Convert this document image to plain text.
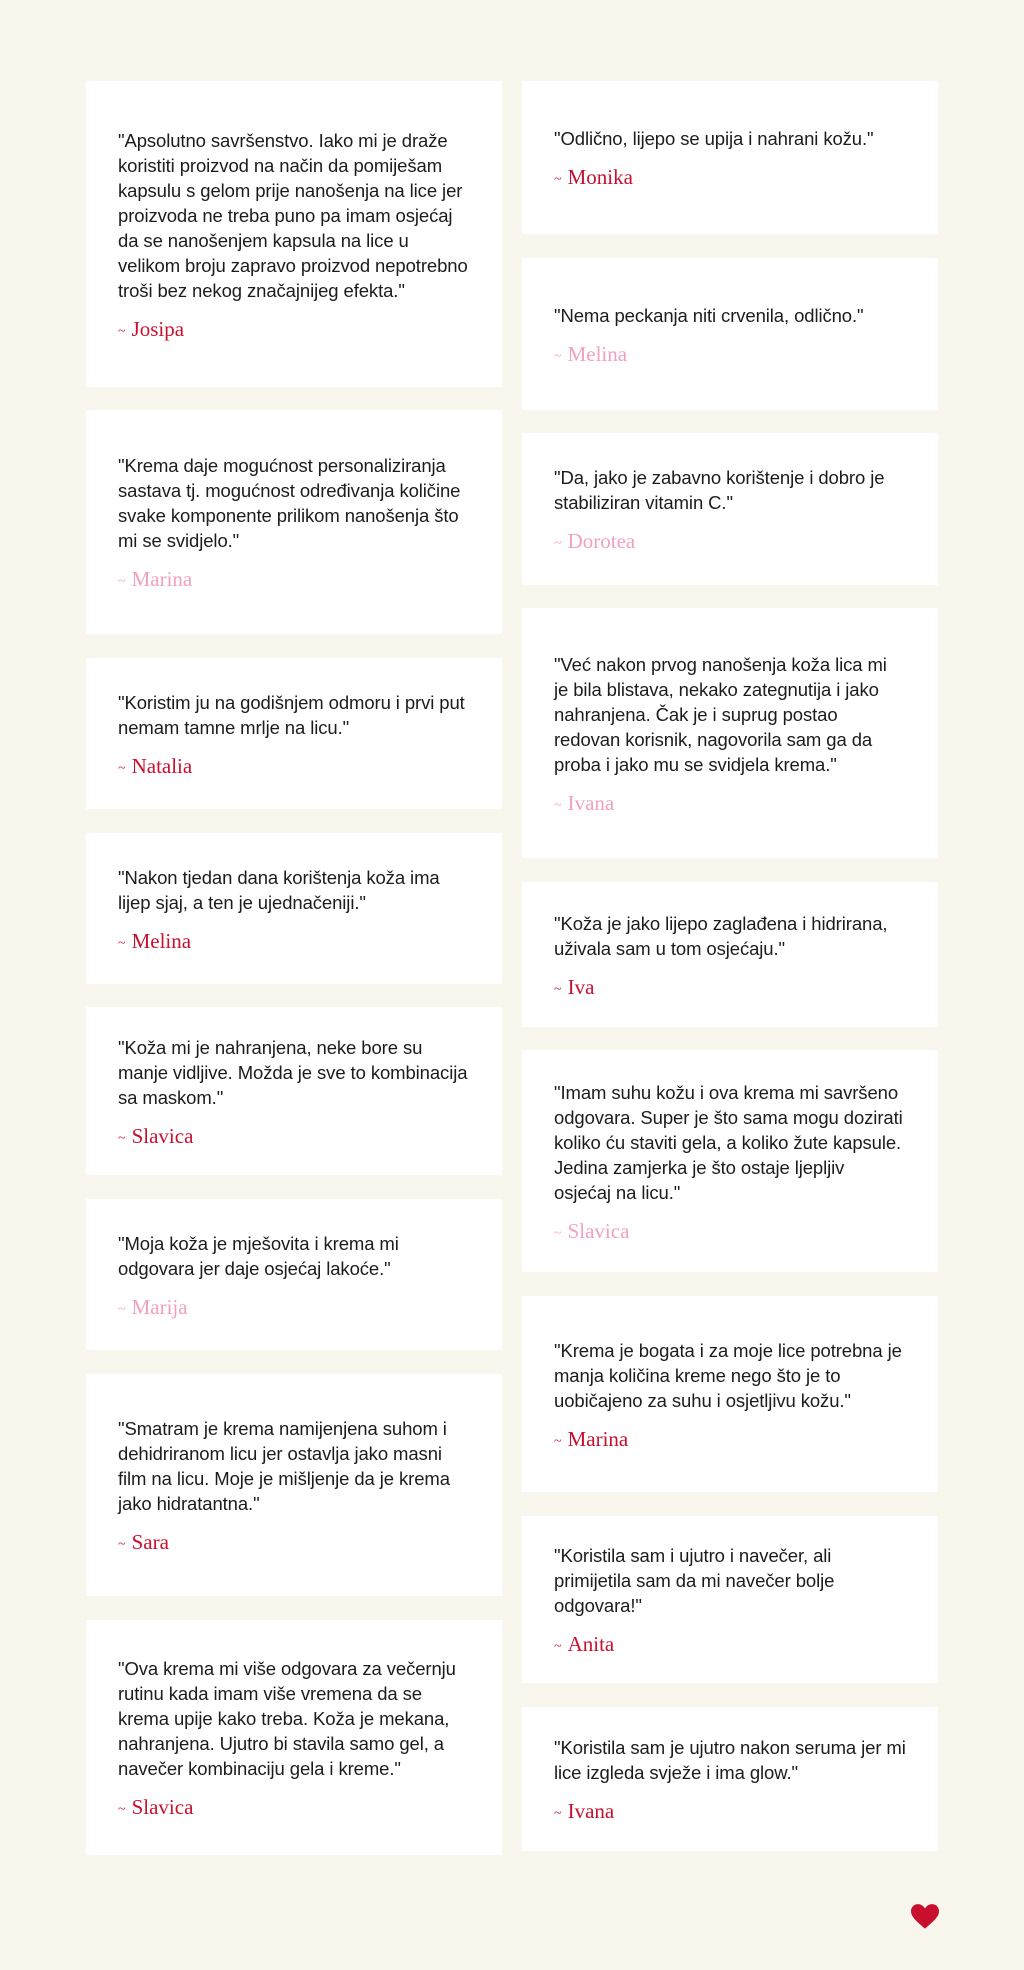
"Apsolutno savršenstvo. Iako mi je draže koristiti proizvod na način da pomiješam kapsulu s gelom prije nanošenja na lice jer proizvoda ne treba puno pa imam osjećaj da se nanošenjem kapsula na lice u velikom broju zapravo proizvod nepotrebno troši bez nekog značajnijeg efekta."

~ Josipa

"Krema daje mogućnost personaliziranja sastava tj. mogućnost određivanja količine svake komponente prilikom nanošenja što mi se svidjelo."

~ Marina

"Koristim ju na godišnjem odmoru i prvi put nemam tamne mrlje na licu."

~ Natalia

"Nakon tjedan dana korištenja koža ima lijep sjaj, a ten je ujednačeniji."

~ Melina

"Koža mi je nahranjena, neke bore su manje vidljive. Možda je sve to kombinacija sa maskom."

~ Slavica

"Moja koža je mješovita i krema mi odgovara jer daje osjećaj lakoće."

~ Marija

"Smatram je krema namijenjena suhom i dehidriranom licu jer ostavlja jako masni film na licu. Moje je mišljenje da je krema jako hidratantna."

~ Sara

"Ova krema mi više odgovara za večernju rutinu kada imam više vremena da se krema upije kako treba. Koža je mekana, nahranjena. Ujutro bi stavila samo gel, a navečer kombinaciju gela i kreme."

~ Slavica

"Odlično, lijepo se upija i nahrani kožu."

~ Monika

"Nema peckanja niti crvenila, odlično."

~ Melina

"Da, jako je zabavno korištenje i dobro je stabiliziran vitamin C."

~ Dorotea

"Već nakon prvog nanošenja koža lica mi je bila blistava, nekako zategnutija i jako nahranjena. Čak je i suprug postao redovan korisnik, nagovorila sam ga da proba i jako mu se svidjela krema."

~ Ivana

"Koža je jako lijepo zaglađena i hidrirana, uživala sam u tom osjećaju."

~ Iva

"Imam suhu kožu i ova krema mi savršeno odgovara. Super je što sama mogu dozirati koliko ću staviti gela, a koliko žute kapsule. Jedina zamjerka je što ostaje ljepljiv osjećaj na licu."

~ Slavica

"Krema je bogata i za moje lice potrebna je manja količina kreme nego što je to uobičajeno za suhu i osjetljivu kožu."

~ Marina

"Koristila sam i ujutro i navečer, ali primijetila sam da mi navečer bolje odgovara!"

~ Anita

"Koristila sam je ujutro nakon seruma jer mi lice izgleda svježe i ima glow."

~ Ivana
